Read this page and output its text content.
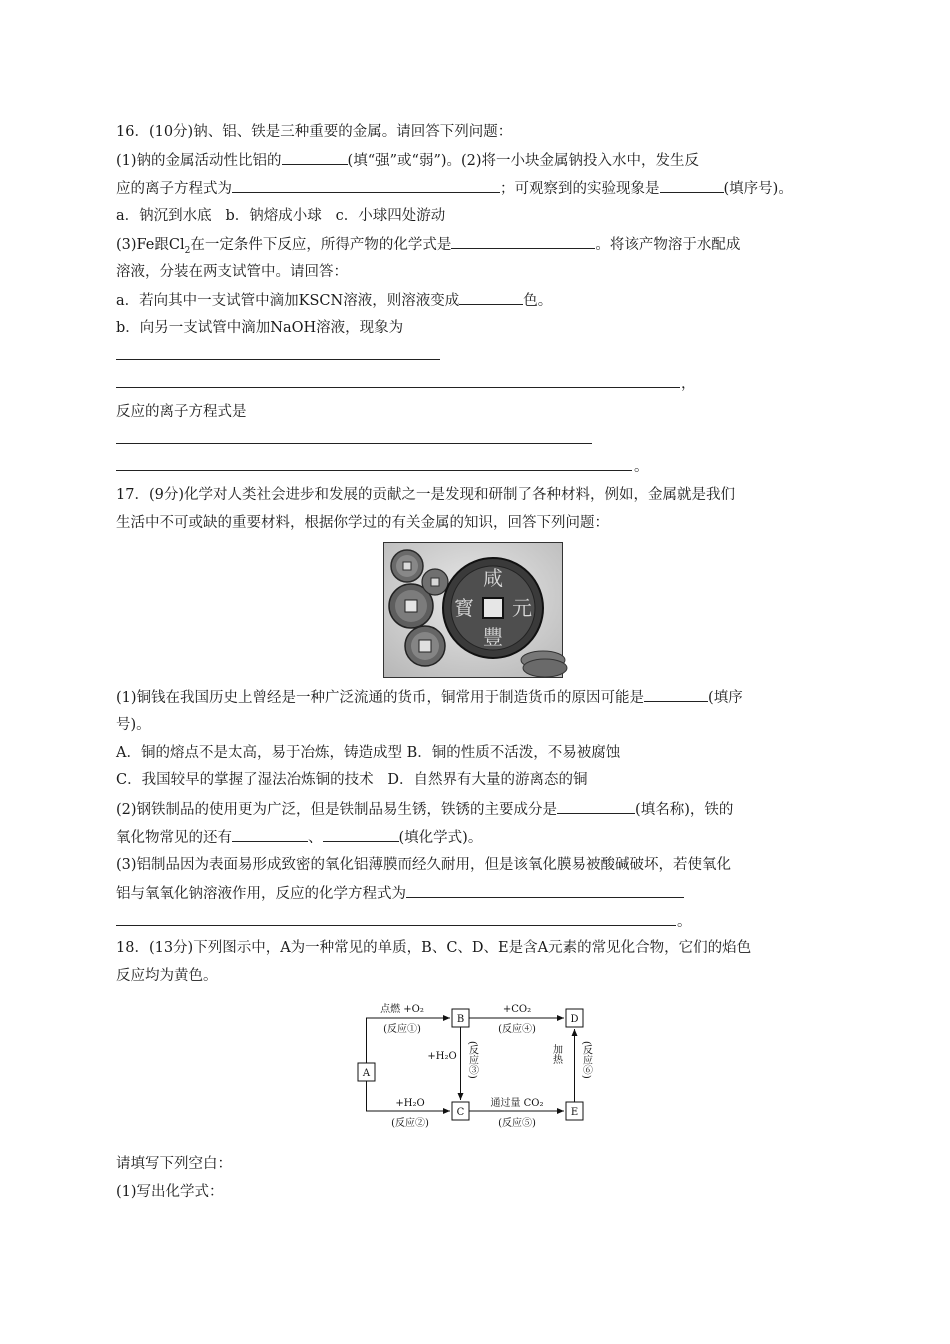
16．(10分)钠、铝、铁是三种重要的金属。请回答下列问题：
(1)钠的金属活动性比铝的	(填“强”或“弱”)。(2)将一小块金属钠投入水中，发生反
应的离子方程式为	；可观察到的实验现象是	(填序号)。
a．钠沉到水底   b．钠熔成小球   c．小球四处游动
(3)Fe跟$Cl_2$在一定条件下反应，所得产物的化学式是	。将该产物溶于水配成
溶液，分装在两支试管中。请回答：
a．若向其中一支试管中滴加KSCN溶液，则溶液变成	色。
b．向另一支试管中滴加NaOH溶液，现象为
，
反应的离子方程式是
。
17．(9分)化学对人类社会进步和发展的贡献之一是发现和研制了各种材料，例如，金属就是我们
生活中不可或缺的重要材料，根据你学过的有关金属的知识，回答下列问题：
咸
元
豐
寳
(1)铜钱在我国历史上曾经是一种广泛流通的货币，铜常用于制造货币的原因可能是	(填序
号)。
A．铜的熔点不是太高，易于冶炼，铸造成型 B．铜的性质不活泼，不易被腐蚀
C．我国较早的掌握了湿法冶炼铜的技术   D．自然界有大量的游离态的铜
(2)钢铁制品的使用更为广泛，但是铁制品易生锈，铁锈的主要成分是	(填名称)，铁的
氧化物常见的还有	、	(填化学式)。
(3)铝制品因为表面易形成致密的氧化铝薄膜而经久耐用，但是该氧化膜易被酸碱破坏，若使氧化
铝与氧氧化钠溶液作用，反应的化学方程式为
。
18．(13分)下列图示中，A为一种常见的单质，B、C、D、E是含A元素的常见化合物，它们的焰色
反应均为黄色。
A
B
C
D
E
点燃 +O₂
(反应①)
+H₂O
(反应②)
+H₂O (反应③)
+CO₂
(反应④)
通过量 CO₂
(反应⑤)
加热 (反应⑥)
请填写下列空白：
(1)写出化学式：
